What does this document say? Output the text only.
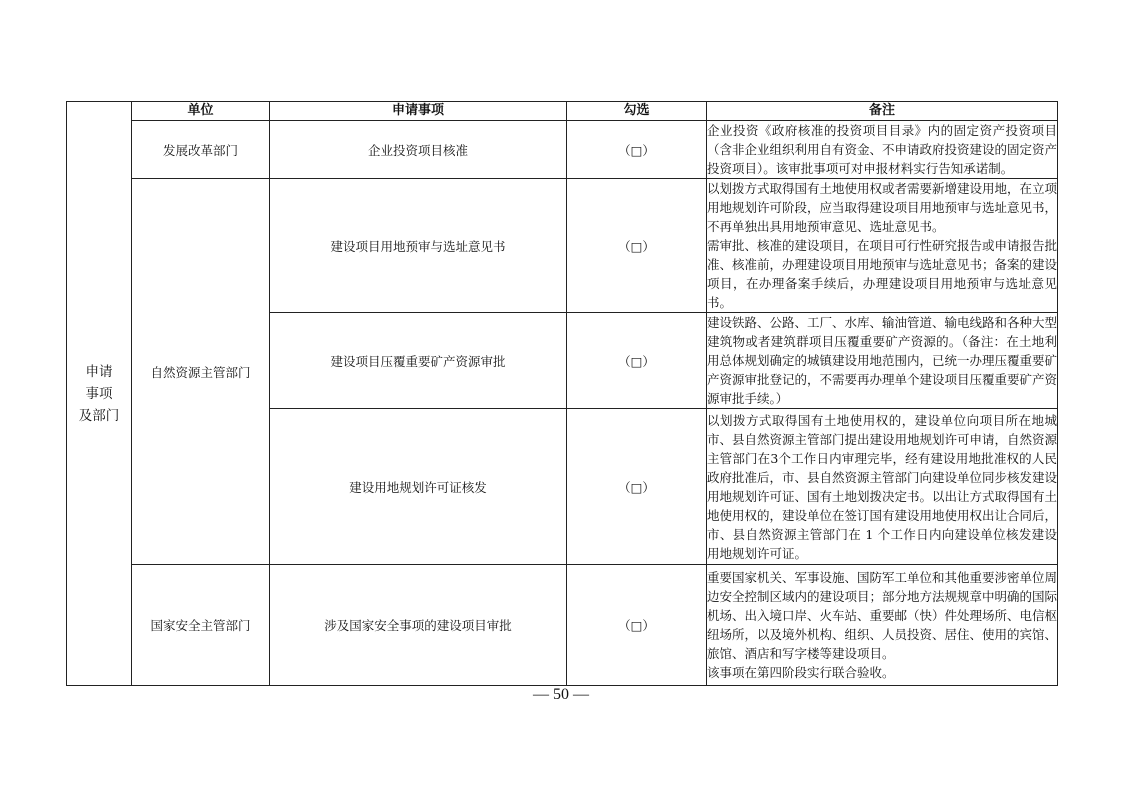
申请
事项
及部门	单位	申请事项	勾选	备注
	发展改革部门	企业投资项目核准	（□）	企业投资《政府核准的投资项目目录》内的固定资产投资项目（含非企业组织利用自有资金、不申请政府投资建设的固定资产投资项目）。该审批事项可对申报材料实行告知承诺制。

	自然资源主管部门	建设项目用地预审与选址意见书	（□）	以划拨方式取得国有土地使用权或者需要新增建设用地，在立项用地规划许可阶段，应当取得建设项目用地预审与选址意见书，不再单独出具用地预审意见、选址意见书。

需审批、核准的建设项目，在项目可行性研究报告或申请报告批准、核准前，办理建设项目用地预审与选址意见书；备案的建设项目，在办理备案手续后，办理建设项目用地预审与选址意见书。

		建设项目压覆重要矿产资源审批	（□）	建设铁路、公路、工厂、水库、输油管道、输电线路和各种大型建筑物或者建筑群项目压覆重要矿产资源的。（备注：在土地利用总体规划确定的城镇建设用地范围内，已统一办理压覆重要矿产资源审批登记的，不需要再办理单个建设项目压覆重要矿产资源审批手续。）

		建设用地规划许可证核发	（□）	以划拨方式取得国有土地使用权的，建设单位向项目所在地城市、县自然资源主管部门提出建设用地规划许可申请，自然资源主管部门在3个工作日内审理完毕，经有建设用地批准权的人民政府批准后，市、县自然资源主管部门向建设单位同步核发建设用地规划许可证、国有土地划拨决定书。以出让方式取得国有土地使用权的，建设单位在签订国有建设用地使用权出让合同后，市、县自然资源主管部门在 1 个工作日内向建设单位核发建设用地规划许可证。

	国家安全主管部门	涉及国家安全事项的建设项目审批	（□）	重要国家机关、军事设施、国防军工单位和其他重要涉密单位周边安全控制区域内的建设项目；部分地方法规规章中明确的国际机场、出入境口岸、火车站、重要邮（快）件处理场所、电信枢纽场所，以及境外机构、组织、人员投资、居住、使用的宾馆、旅馆、酒店和写字楼等建设项目。

该事项在第四阶段实行联合验收。

— 50 —
